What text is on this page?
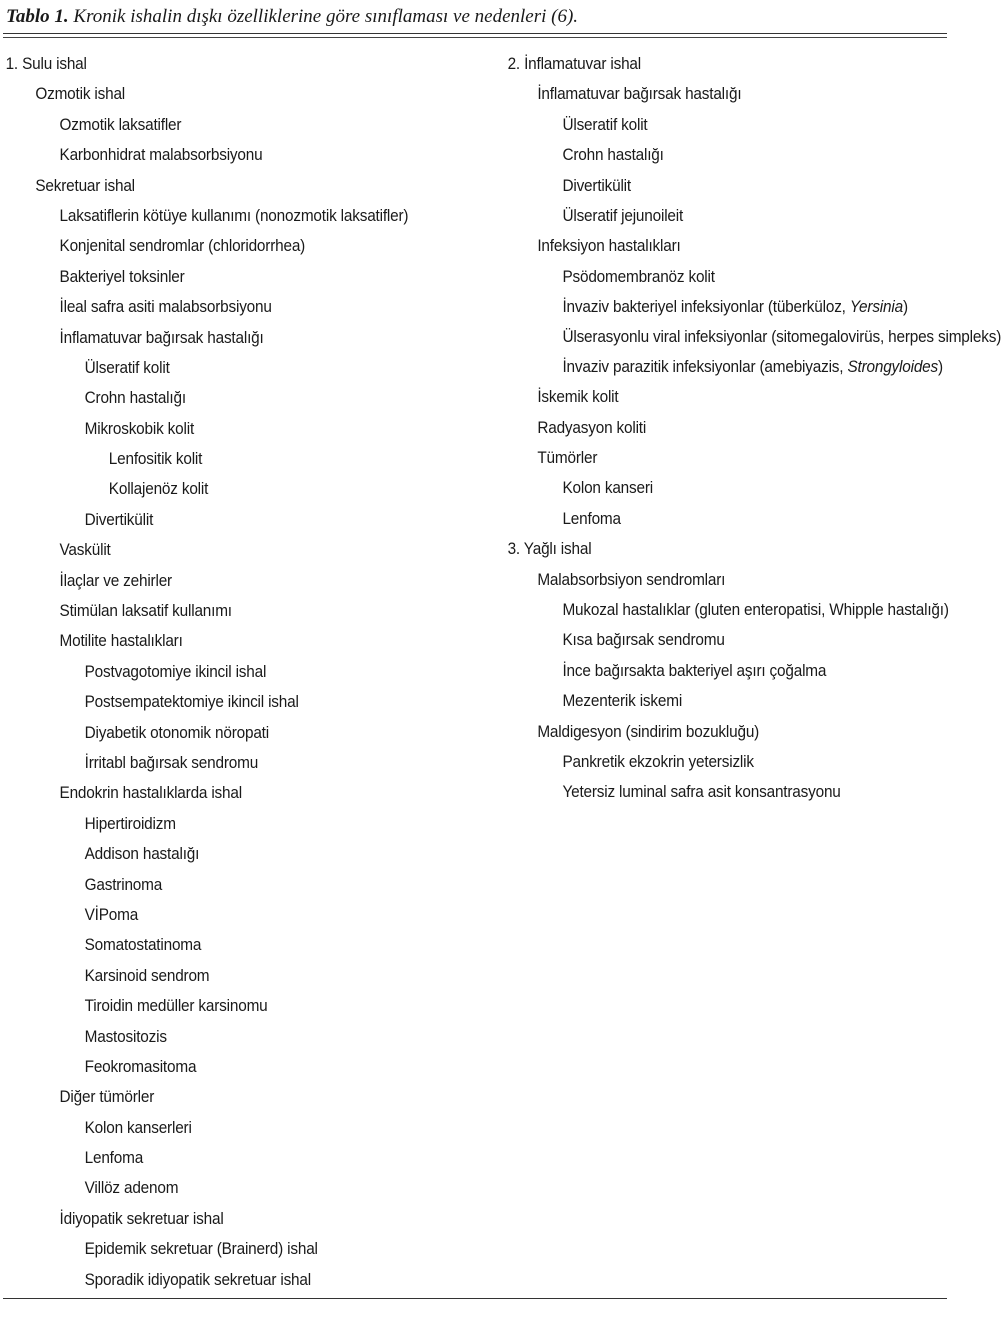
Tablo 1. Kronik ishalin dışkı özelliklerine göre sınıflaması ve nedenleri (6).
1. Sulu ishal
Ozmotik ishal
Ozmotik laksatifler
Karbonhidrat malabsorbsiyonu
Sekretuar ishal
Laksatiflerin kötüye kullanımı (nonozmotik laksatifler)
Konjenital sendromlar (chloridorrhea)
Bakteriyel toksinler
İleal safra asiti malabsorbsiyonu
İnflamatuvar bağırsak hastalığı
Ülseratif kolit
Crohn hastalığı
Mikroskobik kolit
Lenfositik kolit
Kollajenöz kolit
Divertikülit
Vaskülit
İlaçlar ve zehirler
Stimülan laksatif kullanımı
Motilite hastalıkları
Postvagotomiye ikincil ishal
Postsempatektomiye ikincil ishal
Diyabetik otonomik nöropati
İrritabl bağırsak sendromu
Endokrin hastalıklarda ishal
Hipertiroidizm
Addison hastalığı
Gastrinoma
VİPoma
Somatostatinoma
Karsinoid sendrom
Tiroidin medüller karsinomu
Mastositozis
Feokromasitoma
Diğer tümörler
Kolon kanserleri
Lenfoma
Villöz adenom
İdiyopatik sekretuar ishal
Epidemik sekretuar (Brainerd) ishal
Sporadik idiyopatik sekretuar ishal
2. İnflamatuvar ishal
İnflamatuvar bağırsak hastalığı
Ülseratif kolit
Crohn hastalığı
Divertikülit
Ülseratif jejunoileit
Infeksiyon hastalıkları
Psödomembranöz kolit
İnvaziv bakteriyel infeksiyonlar (tüberküloz, Yersinia)
Ülserasyonlu viral infeksiyonlar (sitomegalovirüs, herpes simpleks)
İnvaziv parazitik infeksiyonlar (amebiyazis, Strongyloides)
İskemik kolit
Radyasyon koliti
Tümörler
Kolon kanseri
Lenfoma
3. Yağlı ishal
Malabsorbsiyon sendromları
Mukozal hastalıklar (gluten enteropatisi, Whipple hastalığı)
Kısa bağırsak sendromu
İnce bağırsakta bakteriyel aşırı çoğalma
Mezenterik iskemi
Maldigesyon (sindirim bozukluğu)
Pankretik ekzokrin yetersizlik
Yetersiz luminal safra asit konsantrasyonu
